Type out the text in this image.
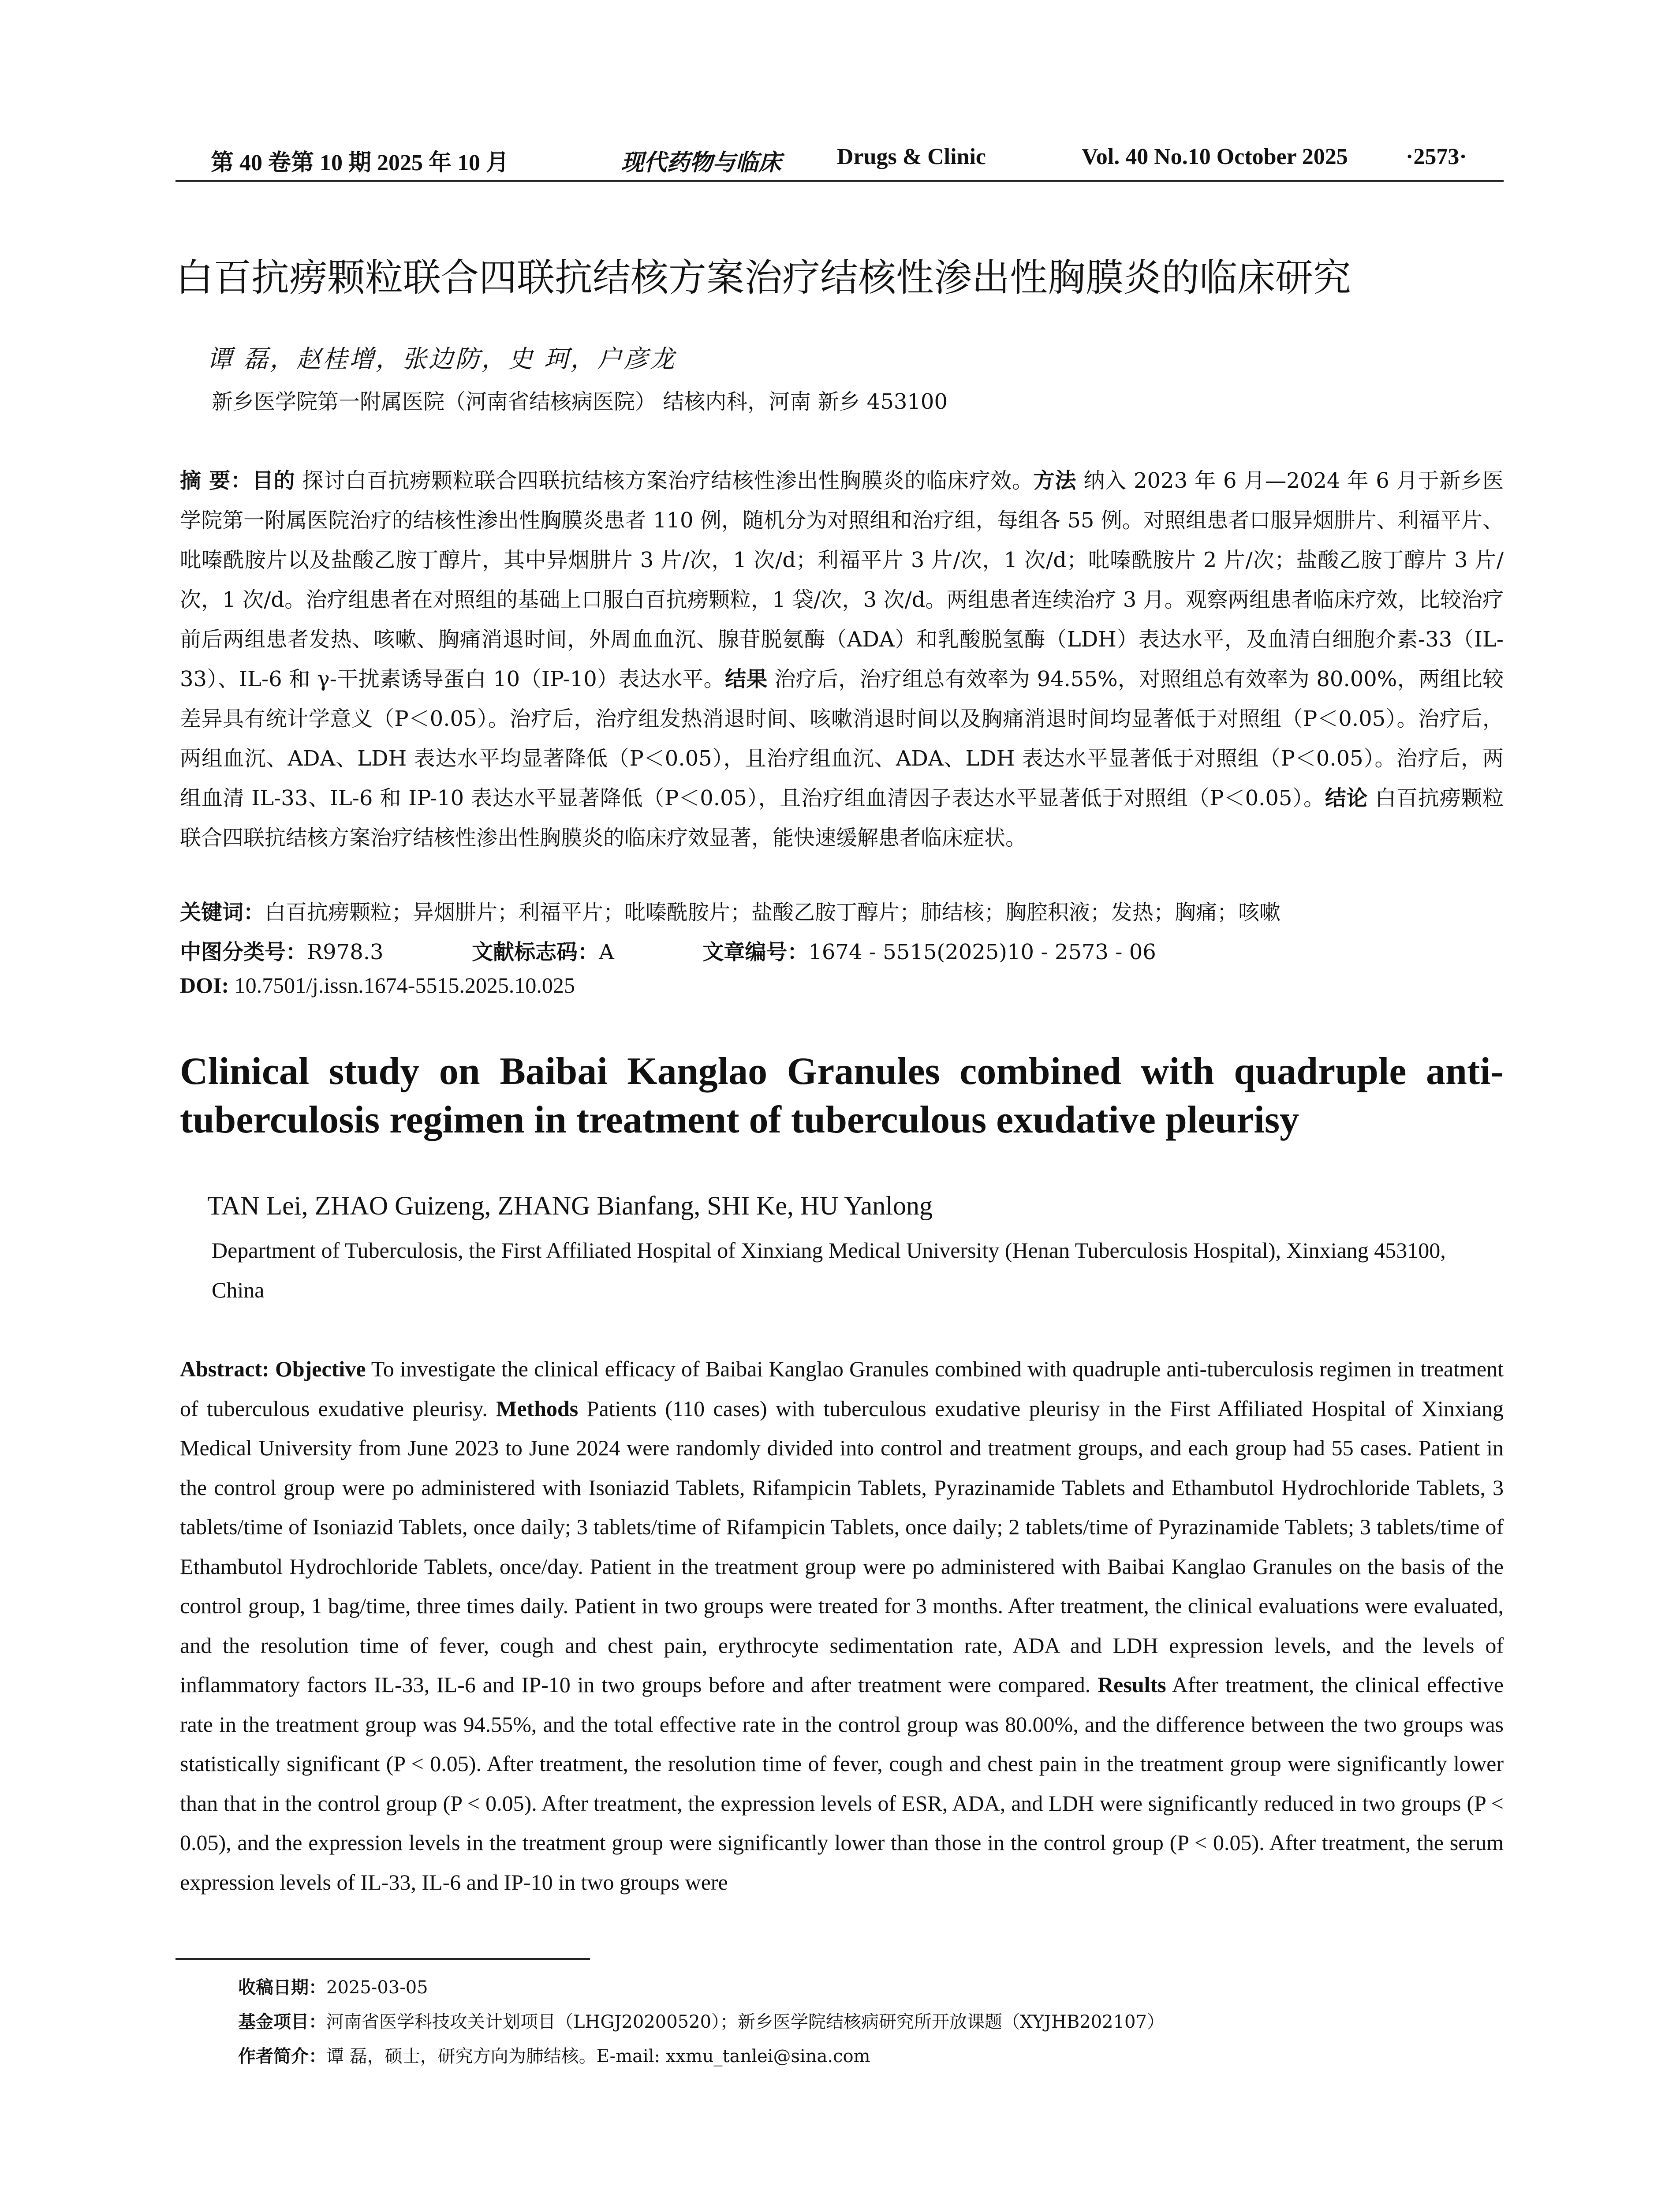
第 40 卷第 10 期 2025 年 10 月	现代药物与临床 Drugs & Clinic	Vol. 40 No.10 October 2025	·2573·
白百抗痨颗粒联合四联抗结核方案治疗结核性渗出性胸膜炎的临床研究
谭 磊，赵桂增，张边防，史 珂，户彦龙
新乡医学院第一附属医院（河南省结核病医院） 结核内科，河南 新乡 453100
摘 要：目的 探讨白百抗痨颗粒联合四联抗结核方案治疗结核性渗出性胸膜炎的临床疗效。方法 纳入 2023 年 6 月—2024 年 6 月于新乡医学院第一附属医院治疗的结核性渗出性胸膜炎患者 110 例，随机分为对照组和治疗组，每组各 55 例。对照组患者口服异烟肼片、利福平片、吡嗪酰胺片以及盐酸乙胺丁醇片，其中异烟肼片 3 片/次，1 次/d；利福平片 3 片/次，1 次/d；吡嗪酰胺片 2 片/次；盐酸乙胺丁醇片 3 片/次，1 次/d。治疗组患者在对照组的基础上口服白百抗痨颗粒，1 袋/次，3 次/d。两组患者连续治疗 3 月。观察两组患者临床疗效，比较治疗前后两组患者发热、咳嗽、胸痛消退时间，外周血血沉、腺苷脱氨酶（ADA）和乳酸脱氢酶（LDH）表达水平，及血清白细胞介素-33（IL-33）、IL-6 和 γ-干扰素诱导蛋白 10（IP-10）表达水平。结果 治疗后，治疗组总有效率为 94.55%，对照组总有效率为 80.00%，两组比较差异具有统计学意义（P＜0.05）。治疗后，治疗组发热消退时间、咳嗽消退时间以及胸痛消退时间均显著低于对照组（P＜0.05）。治疗后，两组血沉、ADA、LDH 表达水平均显著降低（P＜0.05），且治疗组血沉、ADA、LDH 表达水平显著低于对照组（P＜0.05）。治疗后，两组血清 IL-33、IL-6 和 IP-10 表达水平显著降低（P＜0.05），且治疗组血清因子表达水平显著低于对照组（P＜0.05）。结论 白百抗痨颗粒联合四联抗结核方案治疗结核性渗出性胸膜炎的临床疗效显著，能快速缓解患者临床症状。
关键词：白百抗痨颗粒；异烟肼片；利福平片；吡嗪酰胺片；盐酸乙胺丁醇片；肺结核；胸腔积液；发热；胸痛；咳嗽
中图分类号：R978.3	文献标志码：A	文章编号：1674 - 5515(2025)10 - 2573 - 06
DOI: 10.7501/j.issn.1674-5515.2025.10.025
Clinical study on Baibai Kanglao Granules combined with quadruple anti-tuberculosis regimen in treatment of tuberculous exudative pleurisy
TAN Lei, ZHAO Guizeng, ZHANG Bianfang, SHI Ke, HU Yanlong
Department of Tuberculosis, the First Affiliated Hospital of Xinxiang Medical University (Henan Tuberculosis Hospital), Xinxiang 453100, China
Abstract: Objective To investigate the clinical efficacy of Baibai Kanglao Granules combined with quadruple anti-tuberculosis regimen in treatment of tuberculous exudative pleurisy. Methods Patients (110 cases) with tuberculous exudative pleurisy in the First Affiliated Hospital of Xinxiang Medical University from June 2023 to June 2024 were randomly divided into control and treatment groups, and each group had 55 cases. Patient in the control group were po administered with Isoniazid Tablets, Rifampicin Tablets, Pyrazinamide Tablets and Ethambutol Hydrochloride Tablets, 3 tablets/time of Isoniazid Tablets, once daily; 3 tablets/time of Rifampicin Tablets, once daily; 2 tablets/time of Pyrazinamide Tablets; 3 tablets/time of Ethambutol Hydrochloride Tablets, once/day. Patient in the treatment group were po administered with Baibai Kanglao Granules on the basis of the control group, 1 bag/time, three times daily. Patient in two groups were treated for 3 months. After treatment, the clinical evaluations were evaluated, and the resolution time of fever, cough and chest pain, erythrocyte sedimentation rate, ADA and LDH expression levels, and the levels of inflammatory factors IL-33, IL-6 and IP-10 in two groups before and after treatment were compared. Results After treatment, the clinical effective rate in the treatment group was 94.55%, and the total effective rate in the control group was 80.00%, and the difference between the two groups was statistically significant (P < 0.05). After treatment, the resolution time of fever, cough and chest pain in the treatment group were significantly lower than that in the control group (P < 0.05). After treatment, the expression levels of ESR, ADA, and LDH were significantly reduced in two groups (P < 0.05), and the expression levels in the treatment group were significantly lower than those in the control group (P < 0.05). After treatment, the serum expression levels of IL-33, IL-6 and IP-10 in two groups were
收稿日期：2025-03-05
基金项目：河南省医学科技攻关计划项目（LHGJ20200520）；新乡医学院结核病研究所开放课题（XYJHB202107）
作者简介：谭 磊，硕士，研究方向为肺结核。E-mail: xxmu_tanlei@sina.com
